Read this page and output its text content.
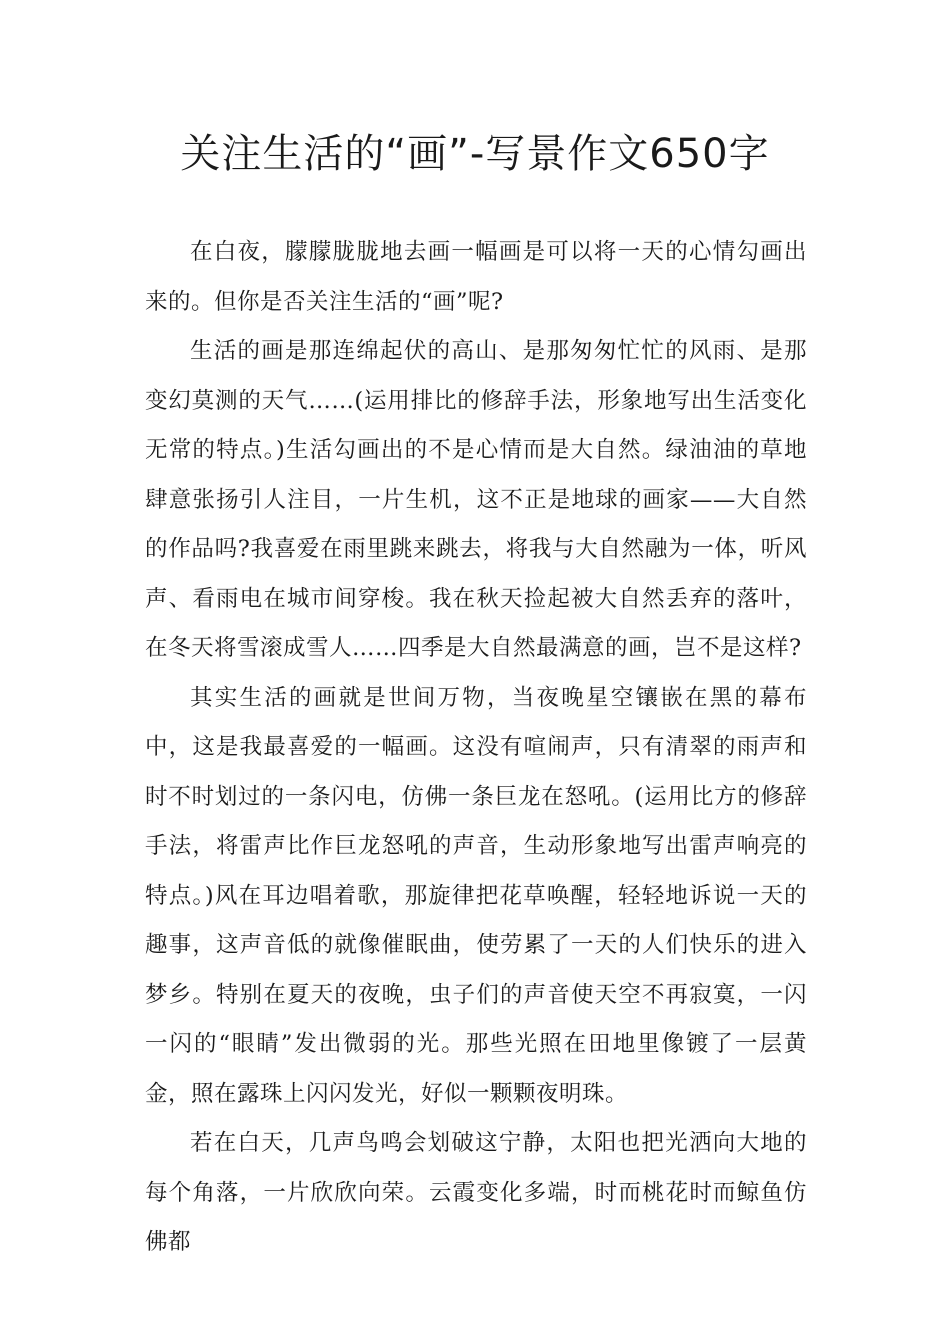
关注生活的“画”-写景作文650字

在白夜，朦朦胧胧地去画一幅画是可以将一天的心情勾画出来的。但你是否关注生活的“画”呢?

生活的画是那连绵起伏的高山、是那匆匆忙忙的风雨、是那变幻莫测的天气……(运用排比的修辞手法，形象地写出生活变化无常的特点。)生活勾画出的不是心情而是大自然。绿油油的草地肆意张扬引人注目，一片生机，这不正是地球的画家——大自然的作品吗?我喜爱在雨里跳来跳去，将我与大自然融为一体，听风声、看雨电在城市间穿梭。我在秋天捡起被大自然丢弃的落叶，在冬天将雪滚成雪人……四季是大自然最满意的画，岂不是这样?

其实生活的画就是世间万物，当夜晚星空镶嵌在黑的幕布中，这是我最喜爱的一幅画。这没有喧闹声，只有清翠的雨声和时不时划过的一条闪电，仿佛一条巨龙在怒吼。(运用比方的修辞手法，将雷声比作巨龙怒吼的声音，生动形象地写出雷声响亮的特点。)风在耳边唱着歌，那旋律把花草唤醒，轻轻地诉说一天的趣事，这声音低的就像催眠曲，使劳累了一天的人们快乐的进入梦乡。特别在夏天的夜晚，虫子们的声音使天空不再寂寞，一闪一闪的“眼睛”发出微弱的光。那些光照在田地里像镀了一层黄金，照在露珠上闪闪发光，好似一颗颗夜明珠。

若在白天，几声鸟鸣会划破这宁静，太阳也把光洒向大地的每个角落，一片欣欣向荣。云霞变化多端，时而桃花时而鲸鱼仿佛都
